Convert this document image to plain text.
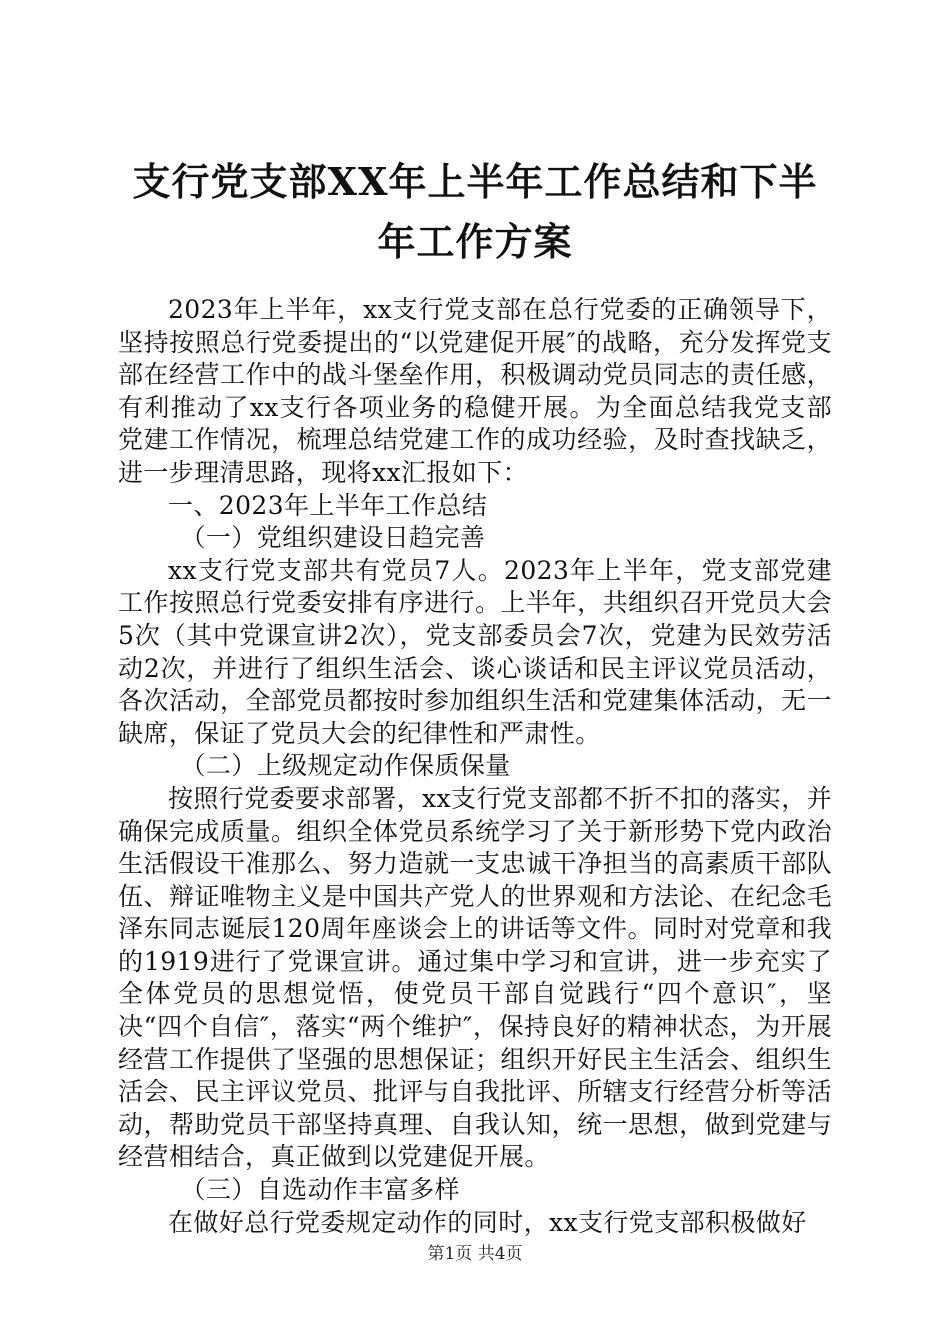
支行党支部XX年上半年工作总结和下半年工作方案

2023年上半年，xx支行党支部在总行党委的正确领导下，坚持按照总行党委提出的“以党建促开展″的战略，充分发挥党支部在经营工作中的战斗堡垒作用，积极调动党员同志的责任感，有利推动了xx支行各项业务的稳健开展。为全面总结我党支部党建工作情况，梳理总结党建工作的成功经验，及时查找缺乏，进一步理清思路，现将xx汇报如下：

一、2023年上半年工作总结

（一）党组织建设日趋完善

xx支行党支部共有党员7人。2023年上半年，党支部党建工作按照总行党委安排有序进行。上半年，共组织召开党员大会5次（其中党课宣讲2次），党支部委员会7次，党建为民效劳活动2次，并进行了组织生活会、谈心谈话和民主评议党员活动，各次活动，全部党员都按时参加组织生活和党建集体活动，无一缺席，保证了党员大会的纪律性和严肃性。

（二）上级规定动作保质保量

按照行党委要求部署，xx支行党支部都不折不扣的落实，并确保完成质量。组织全体党员系统学习了关于新形势下党内政治生活假设干准那么、努力造就一支忠诚干净担当的高素质干部队伍、辩证唯物主义是中国共产党人的世界观和方法论、在纪念毛泽东同志诞辰120周年座谈会上的讲话等文件。同时对党章和我的1919进行了党课宣讲。通过集中学习和宣讲，进一步充实了全体党员的思想觉悟，使党员干部自觉践行“四个意识″，坚决“四个自信″，落实“两个维护″，保持良好的精神状态，为开展经营工作提供了坚强的思想保证；组织开好民主生活会、组织生活会、民主评议党员、批评与自我批评、所辖支行经营分析等活动，帮助党员干部坚持真理、自我认知，统一思想，做到党建与经营相结合，真正做到以党建促开展。

（三）自选动作丰富多样

在做好总行党委规定动作的同时，xx支行党支部积极做好

第1页 共4页
